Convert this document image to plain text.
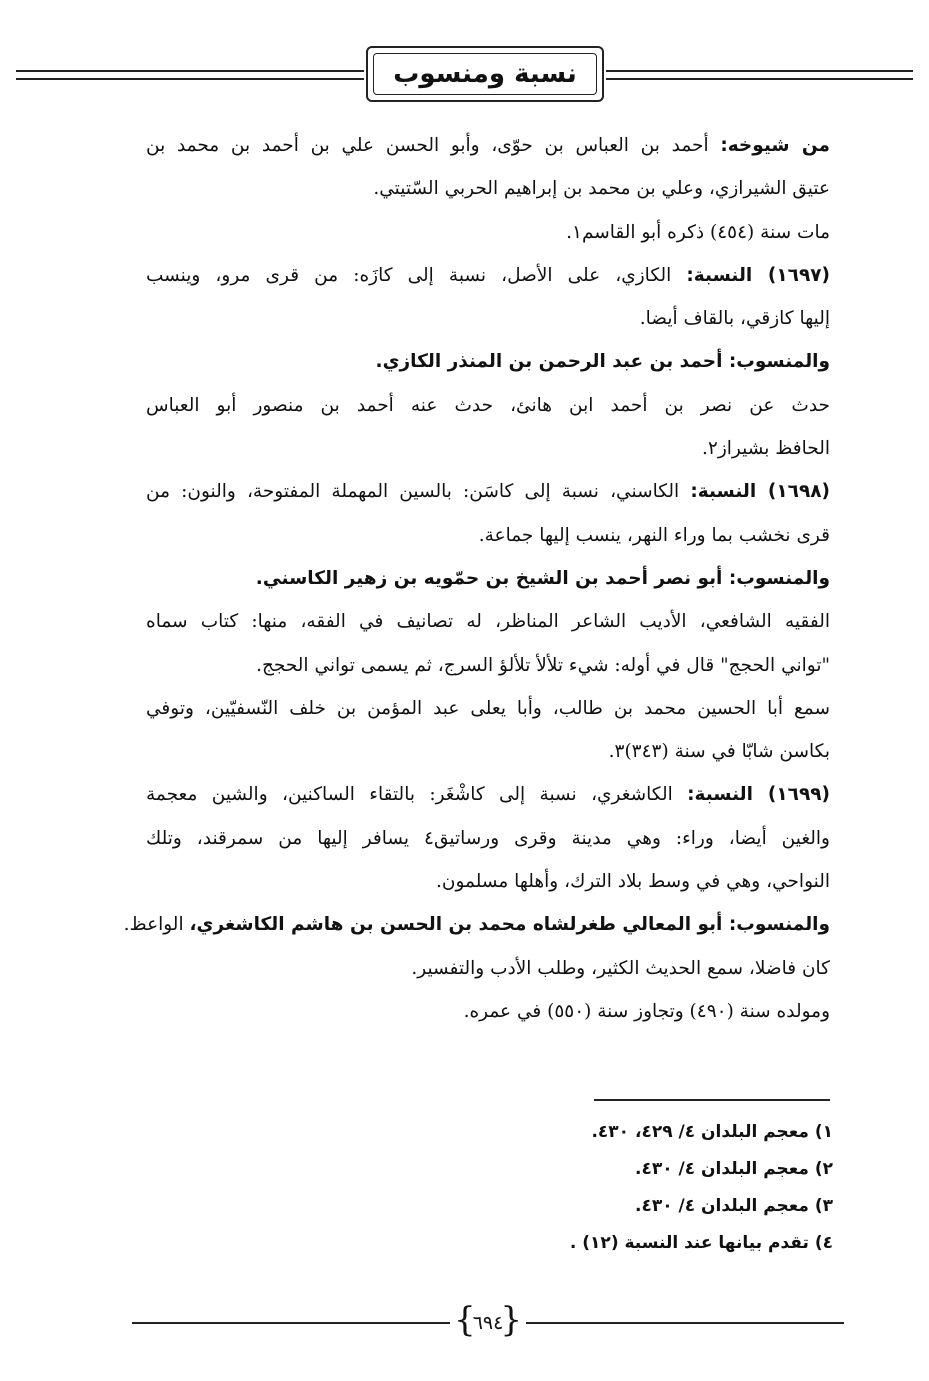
نسبة ومنسوب
من شيوخه: أحمد بن العباس بن حوّى، وأبو الحسن علي بن أحمد بن محمد بن
عتيق الشيرازي، وعلي بن محمد بن إبراهيم الحربي السّتيتي.
مات سنة (٤٥٤) ذكره أبو القاسم١.
(١٦٩٧) النسبة: الكازي، على الأصل، نسبة إلى كازَه: من قرى مرو، وينسب
إليها كازقي، بالقاف أيضا.
والمنسوب: أحمد بن عبد الرحمن بن المنذر الكازي.
حدث عن نصر بن أحمد ابن هانئ، حدث عنه أحمد بن منصور أبو العباس
الحافظ بشيراز٢.
(١٦٩٨) النسبة: الكاسني، نسبة إلى كاسَن: بالسين المهملة المفتوحة، والنون: من
قرى نخشب بما وراء النهر، ينسب إليها جماعة.
والمنسوب: أبو نصر أحمد بن الشيخ بن حمّويه بن زهير الكاسني.
الفقيه الشافعي، الأديب الشاعر المناظر، له تصانيف في الفقه، منها: كتاب سماه
"تواني الحجج" قال في أوله: شيء تلألأ تلألؤ السرج، ثم يسمى تواني الحجج.
سمع أبا الحسين محمد بن طالب، وأبا يعلى عبد المؤمن بن خلف النّسفيّين، وتوفي
بكاسن شابّا في سنة (٣٤٣)٣.
(١٦٩٩) النسبة: الكاشغري، نسبة إلى كاشْغَر: بالتقاء الساكنين، والشين معجمة
والغين أيضا، وراء: وهي مدينة وقرى ورساتيق٤ يسافر إليها من سمرقند، وتلك
النواحي، وهي في وسط بلاد الترك، وأهلها مسلمون.
والمنسوب: أبو المعالي طغرلشاه محمد بن الحسن بن هاشم الكاشغري، الواعظ.
كان فاضلا، سمع الحديث الكثير، وطلب الأدب والتفسير.
ومولده سنة (٤٩٠) وتجاوز سنة (٥٥٠) في عمره.
١) معجم البلدان ٤/ ٤٢٩، ٤٣٠.
٢) معجم البلدان ٤/ ٤٣٠.
٣) معجم البلدان ٤/ ٤٣٠.
٤) تقدم بيانها عند النسبة (١٢) .
{
٦٩٤
}
